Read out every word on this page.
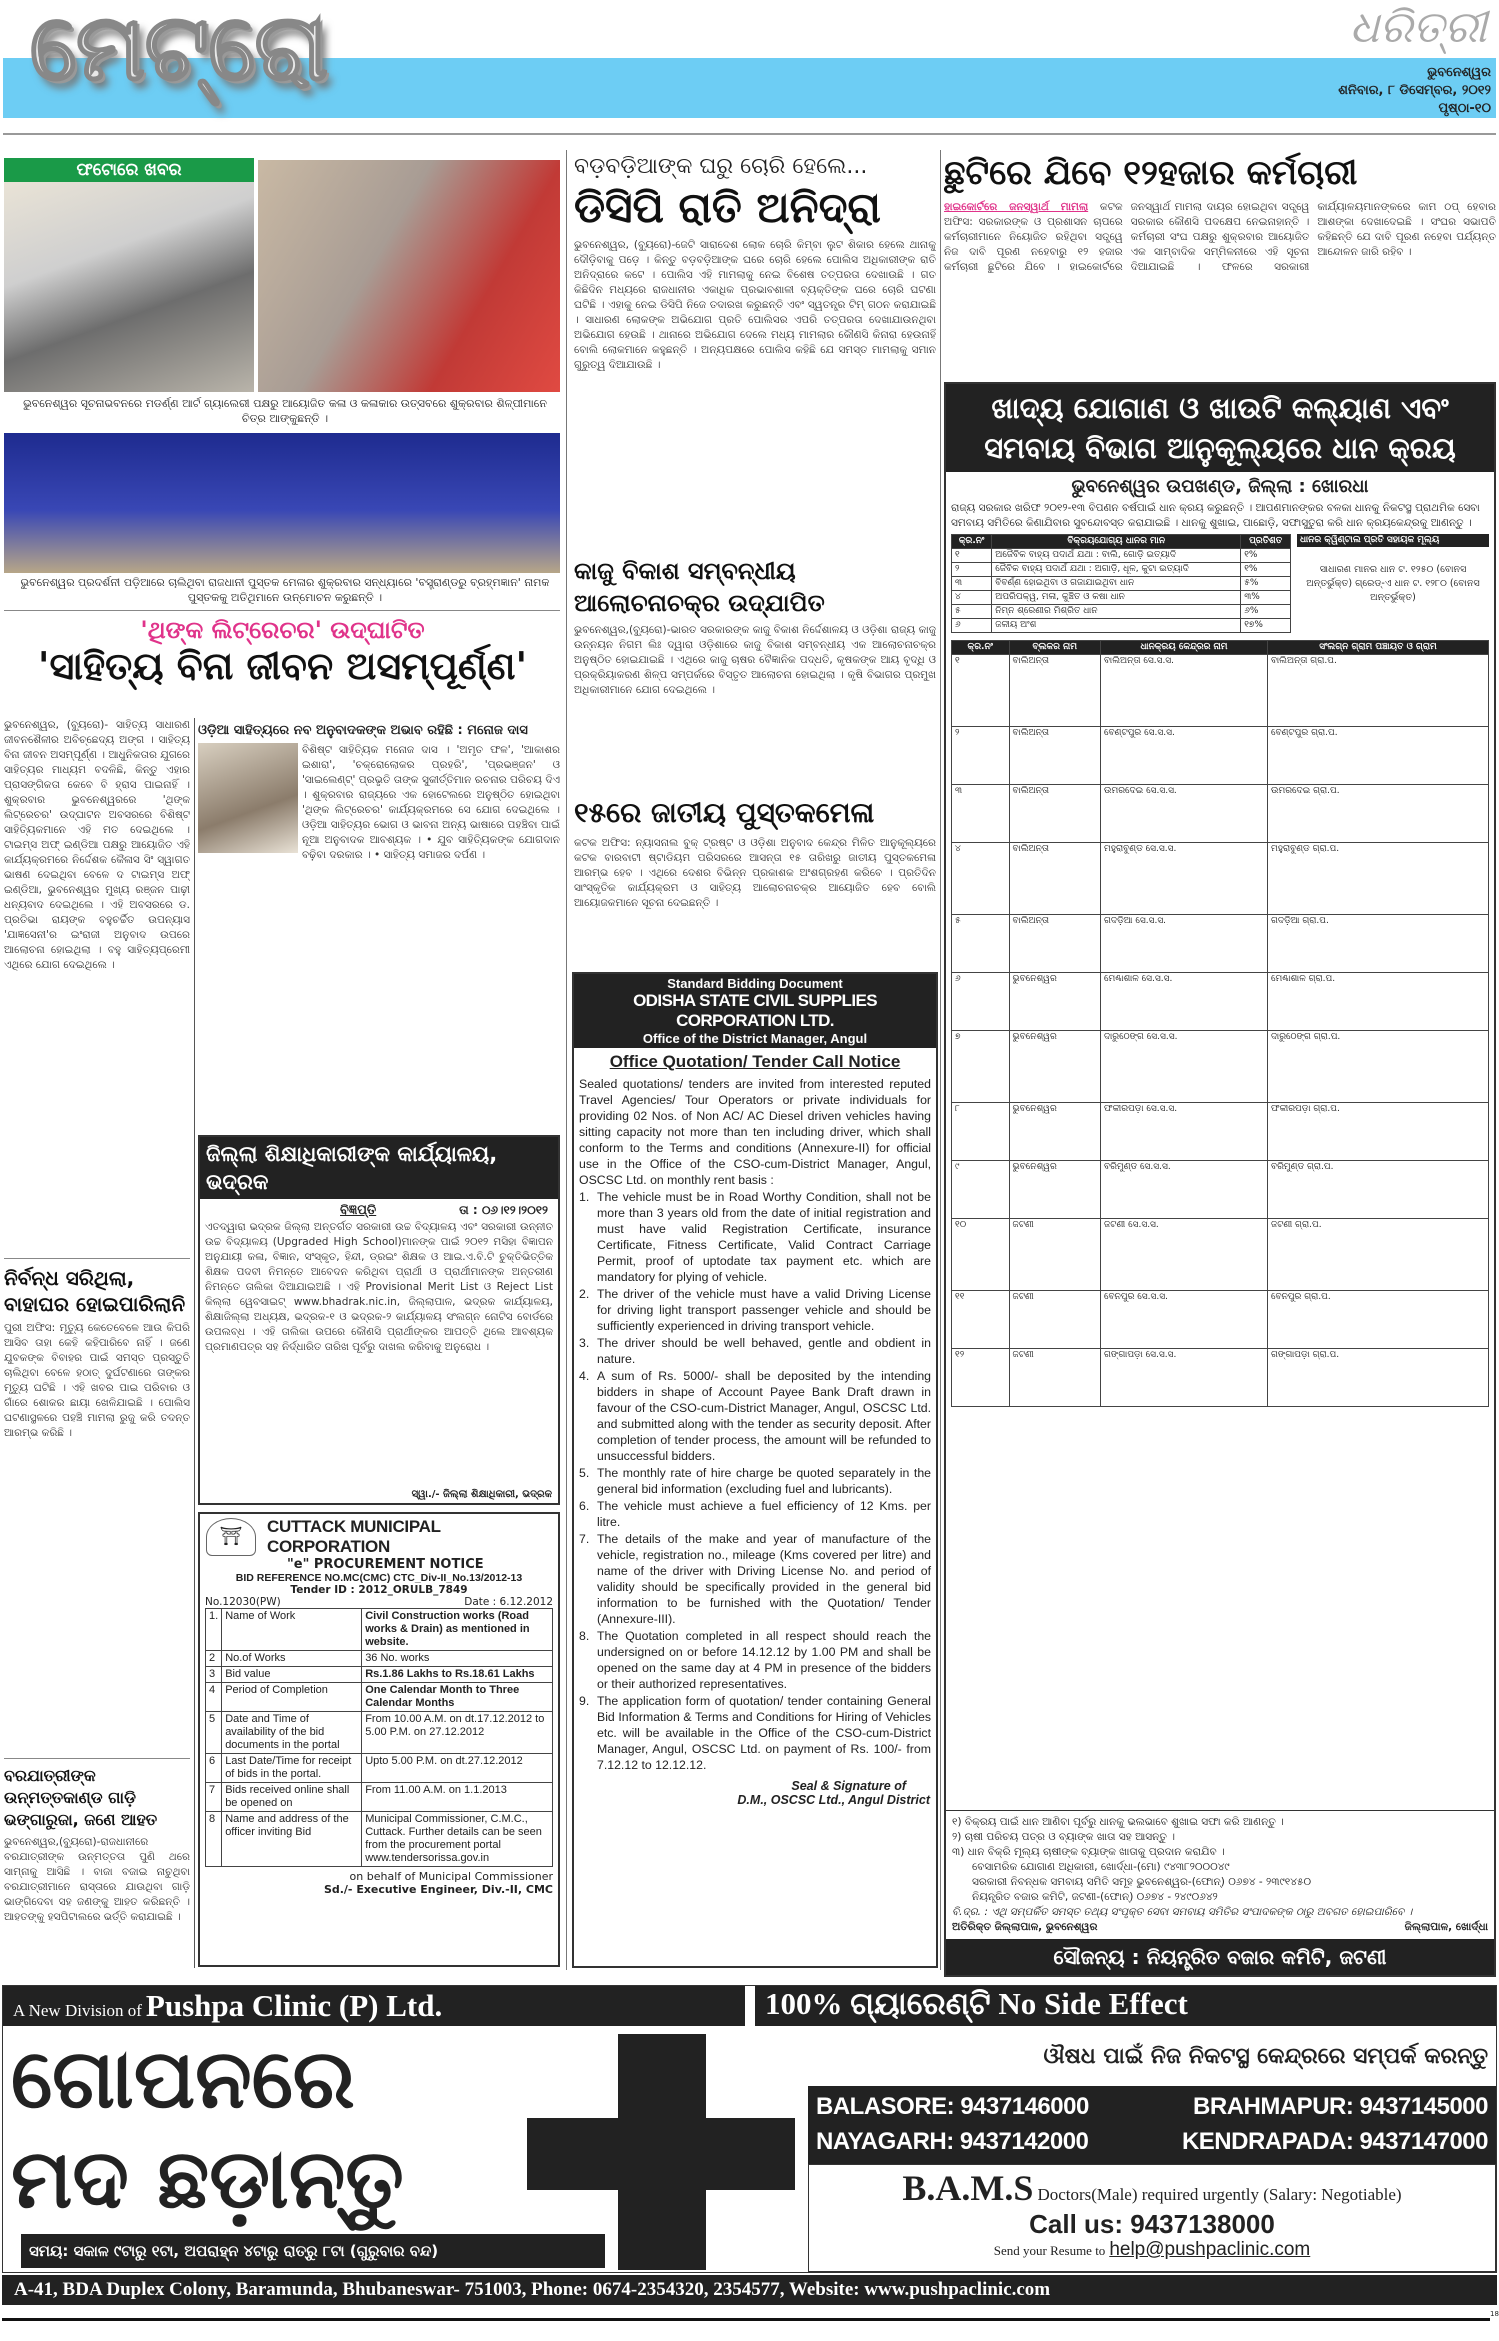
ମେଟ୍ରୋ	ଧରିତ୍ରୀ
ଭୁବନେଶ୍ୱର
ଶନିବାର, ୮ ଡିସେମ୍ବର, ୨୦୧୨
ପୃଷ୍ଠା-୧୦
ଫଟୋରେ ଖବର
ଭୁବନେଶ୍ୱର ସୂଚନାଭବନରେ ମଡର୍ଣ୍ଣ ଆର୍ଟ ଗ୍ୟାଲେରୀ ପକ୍ଷରୁ ଆୟୋଜିତ କଳା ଓ କଳାକାର ଉତ୍ସବରେ ଶୁକ୍ରବାର ଶିଳ୍ପୀମାନେ ଚିତ୍ର ଆଙ୍କୁଛନ୍ତି ।
ଭୁବନେଶ୍ୱର ପ୍ରଦର୍ଶନୀ ପଡ଼ିଆରେ ଚାଲିଥିବା ରାଜଧାନୀ ପୁସ୍ତକ ମେଳାର ଶୁକ୍ରବାର ସନ୍ଧ୍ୟାରେ 'ବସ୍ତ୍ରାଣ୍ଡରୁ ବ୍ରହ୍ମଜ୍ଞାନ' ନାମକ ପୁସ୍ତକକୁ ଅତିଥିମାନେ ଉନ୍ମୋଚନ କରୁଛନ୍ତି ।
'ଥିଙ୍କ ଲିଟ୍‌ରେଚର' ଉଦ୍‌ଘାଟିତ
'ସାହିତ୍ୟ ବିନା ଜୀବନ ଅସମ୍ପୂର୍ଣ୍ଣ'
ଭୁବନେଶ୍ୱର, (ବ୍ୟୁରୋ)- ସାହିତ୍ୟ ସାଧାରଣ ଜୀବନଶୈଳୀର ଅବିଚ୍ଛେଦ୍ୟ ଅଙ୍ଗ । ସାହିତ୍ୟ ବିନା ଜୀବନ ଅସମ୍ପୂର୍ଣ୍ଣ । ଆଧୁନିକତାର ଯୁଗରେ ସାହିତ୍ୟର ମାଧ୍ୟମ ବଦଳିଛି, କିନ୍ତୁ ଏହାର ପ୍ରାସଙ୍ଗିକତା କେବେ ବି ହ୍ରାସ ପାଇନାହିଁ । ଶୁକ୍ରବାର ଭୁବନେଶ୍ୱରରେ 'ଥିଙ୍କ ଲିଟ୍‌ରେଚର' ଉଦ୍‌ଘାଟନ ଅବସରରେ ବିଶିଷ୍ଟ ସାହିତ୍ୟିକମାନେ ଏହି ମତ ଦେଇଥିଲେ । ଟାଇମ୍ସ ଅଫ୍ ଇଣ୍ଡିଆ ପକ୍ଷରୁ ଆୟୋଜିତ ଏହି କାର୍ଯ୍ୟକ୍ରମରେ ନିର୍ଦ୍ଦେଶକ କୈଳାସ ସିଂ ସ୍ୱାଗତ ଭାଷଣ ଦେଇଥିବା ବେଳେ ଦ ଟାଇମ୍ସ ଅଫ୍ ଇଣ୍ଡିଆ, ଭୁବନେଶ୍ୱର ମୁଖ୍ୟ ରଞ୍ଜନ ପାଢ଼ୀ ଧନ୍ୟବାଦ ଦେଇଥିଲେ । ଏହି ଅବସରରେ ଡ. ପ୍ରତିଭା ରାୟଙ୍କ ବହୁଚର୍ଚ୍ଚିତ ଉପନ୍ୟାସ 'ଯାଜ୍ଞସେନୀ'ର ଇଂରାଜୀ ଅନୁବାଦ ଉପରେ ଆଲୋଚନା ହୋଇଥିଲା । ବହୁ ସାହିତ୍ୟପ୍ରେମୀ ଏଥିରେ ଯୋଗ ଦେଇଥିଲେ ।
ନିର୍ବନ୍ଧ ସରିଥିଲା, ବାହାଘର ହୋଇପାରିଲାନି
ପୁରୀ ଅଫିସ: ମୃତ୍ୟୁ କେତେବେଳେ ଆଉ କିପରି ଆସିବ ତାହା କେହି କହିପାରିବେ ନାହିଁ । ଜଣେ ଯୁବକଙ୍କ ବିବାହର ପାଇଁ ସମସ୍ତ ପ୍ରସ୍ତୁତି ଚାଲିଥିବା ବେଳେ ହଠାତ୍ ଦୁର୍ଘଟଣାରେ ତାଙ୍କର ମୃତ୍ୟୁ ଘଟିଛି । ଏହି ଖବର ପାଇ ପରିବାର ଓ ଗାଁରେ ଶୋକର ଛାୟା ଖେଳିଯାଇଛି । ପୋଲିସ ଘଟଣାସ୍ଥଳରେ ପହଞ୍ଚି ମାମଲା ରୁଜୁ କରି ତଦନ୍ତ ଆରମ୍ଭ କରିଛି ।
ବରଯାତ୍ରୀଙ୍କ ଉନ୍ମତ୍ତକାଣ୍ଡ ଗାଡ଼ି ଭଙ୍ଗାରୁଜା, ଜଣେ ଆହତ
ଭୁବନେଶ୍ୱର,(ବ୍ୟୁରୋ)-ରାଜଧାନୀରେ ବରଯାତ୍ରୀଙ୍କ ଉନ୍ମତ୍ତତା ପୁଣି ଥରେ ସାମ୍ନାକୁ ଆସିଛି । ବାଜା ବଜାଇ ନାଚୁଥିବା ବରଯାତ୍ରୀମାନେ ରାସ୍ତାରେ ଯାଉଥିବା ଗାଡ଼ି ଭାଙ୍ଗିଦେବା ସହ ଜଣଙ୍କୁ ଆହତ କରିଛନ୍ତି । ଆହତଙ୍କୁ ହସପିଟାଲରେ ଭର୍ତ୍ତି କରାଯାଇଛି ।
ଓଡ଼ିଆ ସାହିତ୍ୟରେ ନବ ଅନୁବାଦକଙ୍କ ଅଭାବ ରହିଛି : ମନୋଜ ଦାସ
ବିଶିଷ୍ଟ ସାହିତ୍ୟିକ ମନୋଜ ଦାସ । 'ଅମୃତ ଫଳ', 'ଆକାଶର ଇଶାରା', 'ଚକ୍ରୋଲୋକର ପ୍ରହରି', 'ପ୍ରଭଞ୍ଜନ' ଓ 'ସାଇଲେଣ୍ଟ୍' ପ୍ରଭୃତି ତାଙ୍କ ସୁକୀର୍ତ୍ତିମାନ ରଚନାର ପରିଚୟ ଦିଏ । ଶୁକ୍ରବାର ରାଜ୍ୟରେ ଏକ ହୋଟେଲରେ ଅନୁଷ୍ଠିତ ହୋଇଥିବା 'ଥିଙ୍କ ଲିଟ୍‌ରେଚର' କାର୍ଯ୍ୟକ୍ରମରେ ସେ ଯୋଗ ଦେଇଥିଲେ । ଓଡ଼ିଆ ସାହିତ୍ୟର ଭୋଗ ଓ ଭାବନା ଅନ୍ୟ ଭାଷାରେ ପହଞ୍ଚିବା ପାଇଁ ନୂଆ ଅନୁବାଦକ ଆବଶ୍ୟକ । • ଯୁବ ସାହିତ୍ୟିକଙ୍କ ଯୋଗଦାନ ବଢ଼ିବା ଦରକାର । • ସାହିତ୍ୟ ସମାଜର ଦର୍ପଣ ।
ଜିଲ୍ଲା ଶିକ୍ଷାଧିକାରୀଙ୍କ କାର୍ଯ୍ୟାଳୟ, ଭଦ୍ରକ
ବିଜ୍ଞପ୍ତି	ତା : ୦୬।୧୨।୨୦୧୨
ଏତଦ୍ୱାରା ଭଦ୍ରକ ଜିଲ୍ଲା ଅନ୍ତର୍ଗତ ସରକାରୀ ଉଚ୍ଚ ବିଦ୍ୟାଳୟ ଏବଂ ସରକାରୀ ଉନ୍ନୀତ ଉଚ୍ଚ ବିଦ୍ୟାଳୟ (Upgraded High School)ମାନଙ୍କ ପାଇଁ ୨୦୧୨ ମସିହା ବିଜ୍ଞାପନ ଅନୁଯାୟୀ କଳା, ବିଜ୍ଞାନ, ସଂସ୍କୃତ, ହିନ୍ଦୀ, ଡ୍ରଇଂ ଶିକ୍ଷକ ଓ ଆଇ.ଏ.ବି.ଟି ଚୁକ୍ତିଭିତ୍ତିକ ଶିକ୍ଷକ ପଦବୀ ନିମନ୍ତେ ଆବେଦନ କରିଥିବା ପ୍ରାର୍ଥୀ ଓ ପ୍ରାର୍ଥୀମାନଙ୍କ ଅନ୍ତରୀଣ ନିମନ୍ତେ ତାଲିକା ଦିଆଯାଇଅଛି । ଏହି Provisional Merit List ଓ Reject List କିଲ୍ଲା ୱେବସାଇଟ୍ www.bhadrak.nic.in, ଜିଲ୍ଲାପାଳ, ଭଦ୍ରକ କାର୍ଯ୍ୟାଳୟ, ଶିକ୍ଷାଜିଲ୍ଲା ଅଧ୍ୟକ୍ଷ, ଭଦ୍ରକ-୧ ଓ ଭଦ୍ରକ-୨ କାର୍ଯ୍ୟାଳୟ ସଂଲଗ୍ନ ନୋଟିସ ବୋର୍ଡରେ ଉପଲବ୍ଧ । ଏହି ତାଲିକା ଉପରେ କୌଣସି ପ୍ରାର୍ଥୀଙ୍କର ଆପତ୍ତି ଥିଲେ ଆବଶ୍ୟକ ପ୍ରମାଣପତ୍ର ସହ ନିର୍ଦ୍ଧାରିତ ତାରିଖ ପୂର୍ବରୁ ଦାଖଲ କରିବାକୁ ଅନୁରୋଧ ।
ସ୍ୱା./- ଜିଲ୍ଲା ଶିକ୍ଷାଧିକାରୀ, ଭଦ୍ରକ
⛩	CUTTACK MUNICIPAL CORPORATION
"e" PROCUREMENT NOTICE
BID REFERENCE NO.MC(CMC) CTC_Div-II_No.13/2012-13
Tender ID : 2012_ORULB_7849
No.12030(PW)	Date : 6.12.2012
1.	Name of Work	Civil Construction works (Road works & Drain) as mentioned in website.
2	No.of Works	36 No. works
3	Bid value	Rs.1.86 Lakhs to Rs.18.61 Lakhs
4	Period of Completion	One Calendar Month to Three Calendar Months
5	Date and Time of availability of the bid documents in the portal	From 10.00 A.M. on dt.17.12.2012 to 5.00 P.M. on 27.12.2012
6	Last Date/Time for receipt of bids in the portal.	Upto 5.00 P.M. on dt.27.12.2012
7	Bids received online shall be opened on	From 11.00 A.M. on 1.1.2013
8	Name and address of the officer inviting Bid	Municipal Commissioner, C.M.C., Cuttack. Further details can be seen from the procurement portal www.tendersorissa.gov.in
on behalf of Municipal Commissioner
Sd./- Executive Engineer, Div.-II, CMC
ବଡ଼ବଡ଼ିଆଙ୍କ ଘରୁ ଚୋରି ହେଲେ...
ଡିସିପି ରାତି ଅନିଦ୍ରା
ଭୁବନେଶ୍ୱର, (ବ୍ୟୁରୋ)-ଜେଟି ସାରାଦେଶ ଲୋକ ଚୋରି କିମ୍ବା ଲୁଟ ଶିକାର ହେଲେ ଥାନାକୁ ଦୌଡ଼ିବାକୁ ପଡ଼େ । କିନ୍ତୁ ବଡ଼ବଡ଼ିଆଙ୍କ ଘରେ ଚୋରି ହେଲେ ପୋଲିସ ଅଧିକାରୀଙ୍କ ରାତି ଅନିଦ୍ରାରେ କଟେ । ପୋଲିସ ଏହି ମାମଲାକୁ ନେଇ ବିଶେଷ ତତ୍ପରତା ଦେଖାଉଛି । ଗତ କିଛିଦିନ ମଧ୍ୟରେ ରାଜଧାନୀର ଏକାଧିକ ପ୍ରଭାବଶାଳୀ ବ୍ୟକ୍ତିଙ୍କ ଘରେ ଚୋରି ଘଟଣା ଘଟିଛି । ଏହାକୁ ନେଇ ଡିସିପି ନିଜେ ତଦାରଖ କରୁଛନ୍ତି ଏବଂ ସ୍ୱତନ୍ତ୍ର ଟିମ୍ ଗଠନ କରାଯାଇଛି । ସାଧାରଣ ଲୋକଙ୍କ ଅଭିଯୋଗ ପ୍ରତି ପୋଲିସର ଏପରି ତତ୍ପରତା ଦେଖାଯାଉନଥିବା ଅଭିଯୋଗ ହେଉଛି । ଥାନାରେ ଅଭିଯୋଗ ଦେଲେ ମଧ୍ୟ ମାମଲାର କୌଣସି କିନାରା ହେଉନାହିଁ ବୋଲି ଲୋକମାନେ କହୁଛନ୍ତି । ଅନ୍ୟପକ୍ଷରେ ପୋଲିସ କହିଛି ଯେ ସମସ୍ତ ମାମଲାକୁ ସମାନ ଗୁରୁତ୍ୱ ଦିଆଯାଉଛି ।
କାଜୁ ବିକାଶ ସମ୍ବନ୍ଧୀୟ ଆଲୋଚନାଚକ୍ର ଉଦ୍‌ଯାପିତ
ଭୁବନେଶ୍ୱର,(ବ୍ୟୁରୋ)-ଭାରତ ସରକାରଙ୍କ କାଜୁ ବିକାଶ ନିର୍ଦ୍ଦେଶାଳୟ ଓ ଓଡ଼ିଶା ରାଜ୍ୟ କାଜୁ ଉନ୍ନୟନ ନିଗମ ଲିଃ ଦ୍ୱାରା ଓଡ଼ିଶାରେ କାଜୁ ବିକାଶ ସମ୍ବନ୍ଧୀୟ ଏକ ଆଲୋଚନାଚକ୍ର ଅନୁଷ୍ଠିତ ହୋଇଯାଇଛି । ଏଥିରେ କାଜୁ ଚାଷର ବୈଜ୍ଞାନିକ ପଦ୍ଧତି, କୃଷକଙ୍କ ଆୟ ବୃଦ୍ଧି ଓ ପ୍ରକ୍ରିୟାକରଣ ଶିଳ୍ପ ସମ୍ପର୍କରେ ବିସ୍ତୃତ ଆଲୋଚନା ହୋଇଥିଲା । କୃଷି ବିଭାଗର ପ୍ରମୁଖ ଅଧିକାରୀମାନେ ଯୋଗ ଦେଇଥିଲେ ।
୧୫ରେ ଜାତୀୟ ପୁସ୍ତକମେଳା
କଟକ ଅଫିସ: ନ୍ୟାସନାଲ ବୁକ୍ ଟ୍ରଷ୍ଟ ଓ ଓଡ଼ିଶା ଅନୁବାଦ କେନ୍ଦ୍ର ମିଳିତ ଆନୁକୂଲ୍ୟରେ କଟକ ବାରବାଟୀ ଷ୍ଟାଡିୟମ ପରିସରରେ ଆସନ୍ତା ୧୫ ତାରିଖରୁ ଜାତୀୟ ପୁସ୍ତକମେଳା ଆରମ୍ଭ ହେବ । ଏଥିରେ ଦେଶର ବିଭିନ୍ନ ପ୍ରକାଶକ ଅଂଶଗ୍ରହଣ କରିବେ । ପ୍ରତିଦିନ ସାଂସ୍କୃତିକ କାର୍ଯ୍ୟକ୍ରମ ଓ ସାହିତ୍ୟ ଆଲୋଚନାଚକ୍ର ଆୟୋଜିତ ହେବ ବୋଲି ଆୟୋଜକମାନେ ସୂଚନା ଦେଇଛନ୍ତି ।
Standard Bidding Document
ODISHA STATE CIVIL SUPPLIES CORPORATION LTD.
Office of the District Manager, Angul
Office Quotation/ Tender Call Notice
Sealed quotations/ tenders are invited from interested reputed Travel Agencies/ Tour Operators or private individuals for providing 02 Nos. of Non AC/ AC Diesel driven vehicles having sitting capacity not more than ten including driver, which shall conform to the Terms and conditions (Annexure-II) for official use in the Office of the CSO-cum-District Manager, Angul, OSCSC Ltd. on monthly rent basis :
1. The vehicle must be in Road Worthy Condition, shall not be more than 3 years old from the date of initial registration and must have valid Registration Certificate, insurance Certificate, Fitness Certificate, Valid Contract Carriage Permit, proof of uptodate tax payment etc. which are mandatory for plying of vehicle.
2. The driver of the vehicle must have a valid Driving License for driving light transport passenger vehicle and should be sufficiently experienced in driving transport vehicle.
3. The driver should be well behaved, gentle and obdient in nature.
4. A sum of Rs. 5000/- shall be deposited by the intending bidders in shape of Account Payee Bank Draft drawn in favour of the CSO-cum-District Manager, Angul, OSCSC Ltd. and submitted along with the tender as security deposit. After completion of tender process, the amount will be refunded to unsuccessful bidders.
5. The monthly rate of hire charge be quoted separately in the general bid information (excluding fuel and lubricants).
6. The vehicle must achieve a fuel efficiency of 12 Kms. per litre.
7. The details of the make and year of manufacture of the vehicle, registration no., mileage (Kms covered per litre) and name of the driver with Driving License No. and period of validity should be specifically provided in the general bid information to be furnished with the Quotation/ Tender (Annexure-III).
8. The Quotation completed in all respect should reach the undersigned on or before 14.12.12 by 1.00 PM and shall be opened on the same day at 4 PM in presence of the bidders or their authorized representatives.
9. The application form of quotation/ tender containing General Bid Information & Terms and Conditions for Hiring of Vehicles etc. will be available in the Office of the CSO-cum-District Manager, Angul, OSCSC Ltd. on payment of Rs. 100/- from 7.12.12 to 12.12.12.
Seal & Signature of
D.M., OSCSC Ltd., Angul District
ଛୁଟିରେ ଯିବେ ୧୨ହଜାର କର୍ମଚାରୀ
ହାଇକୋର୍ଟରେ ଜନସ୍ୱାର୍ଥ ମାମଲା କଟକ ଅଫିସ: ସରକାରଙ୍କ ଓ ପ୍ରଶାସନ ଚାପରେ କର୍ମଚାରୀମାନେ ନିୟୋଜିତ ରହିଥିବା ସତ୍ତ୍ୱେ ନିଜ ଦାବି ପୂରଣ ନହେବାରୁ ୧୨ ହଜାର କର୍ମଚାରୀ ଛୁଟିରେ ଯିବେ । ହାଇକୋର୍ଟରେ ଜନସ୍ୱାର୍ଥ ମାମଲା ଦାୟର ହୋଇଥିବା ସତ୍ତ୍ୱେ ସରକାର କୌଣସି ପଦକ୍ଷେପ ନେଇନାହାନ୍ତି । କର୍ମଚାରୀ ସଂଘ ପକ୍ଷରୁ ଶୁକ୍ରବାର ଆୟୋଜିତ ଏକ ସାମ୍ବାଦିକ ସମ୍ମିଳନୀରେ ଏହି ସୂଚନା ଦିଆଯାଇଛି । ଫଳରେ ସରକାରୀ କାର୍ଯ୍ୟାଳୟମାନଙ୍କରେ କାମ ଠପ୍ ହେବାର ଆଶଙ୍କା ଦେଖାଦେଇଛି । ସଂଘର ସଭାପତି କହିଛନ୍ତି ଯେ ଦାବି ପୂରଣ ନହେବା ପର୍ଯ୍ୟନ୍ତ ଆନ୍ଦୋଳନ ଜାରି ରହିବ ।
ଖାଦ୍ୟ ଯୋଗାଣ ଓ ଖାଉଟି କଲ୍ୟାଣ ଏବଂ ସମବାୟ ବିଭାଗ ଆନୁକୂଲ୍ୟରେ ଧାନ କ୍ରୟ
ଭୁବନେଶ୍ୱର ଉପଖଣ୍ଡ, ଜିଲ୍ଲା : ଖୋରଧା
ରାଜ୍ୟ ସରକାର ଖରିଫ ୨୦୧୨-୧୩ ବିପଣନ ବର୍ଷପାଇଁ ଧାନ କ୍ରୟ କରୁଛନ୍ତି । ଆପଣମାନଙ୍କର ବଳକା ଧାନକୁ ନିକଟସ୍ଥ ପ୍ରାଥମିକ ସେବା ସମବାୟ ସମିତିରେ କିଣାଯିବାର ସୁବନ୍ଦୋବସ୍ତ କରାଯାଇଛି । ଧାନକୁ ଶୁଖାଇ, ପାଛୋଡ଼ି, ସଫାସୁତୁରା କରି ଧାନ କ୍ରୟକେନ୍ଦ୍ରକୁ ଆଣନ୍ତୁ ।
କ୍ର.ନଂ	ବିକ୍ରୟଯୋଗ୍ୟ ଧାନର ମାନ	ପ୍ରତିଶତ
୧	ଅଜୈବିକ ବାହ୍ୟ ପଦାର୍ଥ ଯଥା : ବାଲି, ଗୋଡ଼ି ଇତ୍ୟାଦି	୧%
୨	ଜୈବିକ ବାହ୍ୟ ପଦାର୍ଥ ଯଥା : ଅଗାଡ଼ି, ଧୂଳ, କୁଟା ଇତ୍ୟାଦି	୧%
୩	ବିବର୍ଣ୍ଣ ହୋଇଥିବା ଓ ଗଜାଯାଇଥିବା ଧାନ	୫%
୪	ଅପରିପକ୍ୱ, ମଳା, କୁଞ୍ଚିତ ଓ କଷା ଧାନ	୩%
୫	ନିମ୍ନ ଶ୍ରେଣୀର ମିଶ୍ରିତ ଧାନ	୬%
୬	ଜଳୀୟ ଅଂଶ	୧୭%
ଧାନର କ୍ୱିଣ୍ଟାଲ ପ୍ରତି ସହାୟକ ମୂଲ୍ୟ
ସାଧାରଣ ମାନର ଧାନ ଟ. ୧୨୫୦ (ବୋନସ ଅନ୍ତର୍ଭୁକ୍ତ) ଗ୍ରେଡ୍-ଏ ଧାନ ଟ. ୧୨୮୦ (ବୋନସ ଅନ୍ତର୍ଭୁକ୍ତ)
କ୍ର.ନଂ	ବ୍ଲକର ନାମ	ଧାନକ୍ରୟ କେନ୍ଦ୍ରର ନାମ	ସଂଲଗ୍ନ ଗ୍ରାମ ପଞ୍ଚାୟତ ଓ ଗ୍ରାମ
୧	ବାଲିଅନ୍ତା	ବାଲିଅନ୍ତା ସେ.ସ.ସ.	ବାଲିଅନ୍ତା ଗ୍ରା.ପ.
୨	ବାଲିଅନ୍ତା	ବେଣ୍ଟପୁର ସେ.ସ.ସ.	ବେଣ୍ଟପୁର ଗ୍ରା.ପ.
୩	ବାଲିଅନ୍ତା	ଉମରଦେଇ ସେ.ସ.ସ.	ଉମରଦେଇ ଗ୍ରା.ପ.
୪	ବାଲିଅନ୍ତା	ମହୁରାବୁଣ୍ଡ ସେ.ସ.ସ.	ମହୁରାବୁଣ୍ଡ ଗ୍ରା.ପ.
୫	ବାଲିଅନ୍ତା	ଗଦଡ଼ିଆ ସେ.ସ.ସ.	ଗଦଡ଼ିଆ ଗ୍ରା.ପ.
୬	ଭୁବନେଶ୍ୱର	ମେଣ୍ଢାଶାଳ ସେ.ସ.ସ.	ମେଣ୍ଢାଶାଳ ଗ୍ରା.ପ.
୭	ଭୁବନେଶ୍ୱର	ଦାରୁଠେଙ୍ଗ ସେ.ସ.ସ.	ଦାରୁଠେଙ୍ଗ ଗ୍ରା.ପ.
୮	ଭୁବନେଶ୍ୱର	ଫକୀରପଡ଼ା ସେ.ସ.ସ.	ଫକୀରପଡ଼ା ଗ୍ରା.ପ.
୯	ଭୁବନେଶ୍ୱର	ବରିମୁଣ୍ଡ ସେ.ସ.ସ.	ବରିମୁଣ୍ଡ ଗ୍ରା.ପ.
୧୦	ଜଟଣୀ	ଜଟଣୀ ସେ.ସ.ସ.	ଜଟଣୀ ଗ୍ରା.ପ.
୧୧	ଜଟଣୀ	ବେନପୁର ସେ.ସ.ସ.	ବେନପୁର ଗ୍ରା.ପ.
୧୨	ଜଟଣୀ	ଗଙ୍ଗାପଡ଼ା ସେ.ସ.ସ.	ଗଙ୍ଗାପଡ଼ା ଗ୍ରା.ପ.
୧) ବିକ୍ରୟ ପାଇଁ ଧାନ ଆଣିବା ପୂର୍ବରୁ ଧାନକୁ ଭଲଭାବେ ଶୁଖାଇ ସଫା କରି ଆଣନ୍ତୁ ।
୨) ଚାଷୀ ପରିଚୟ ପତ୍ର ଓ ବ୍ୟାଙ୍କ ଖାତା ସହ ଆସନ୍ତୁ ।
୩) ଧାନ ବିକ୍ରି ମୂଲ୍ୟ ଚାଷୀଙ୍କ ବ୍ୟାଙ୍କ ଖାତାକୁ ପ୍ରଦାନ କରାଯିବ ।
ବେସାମରିକ ଯୋଗାଣ ଅଧିକାରୀ, ଖୋର୍ଦ୍ଧା-(ମୋ) ୯୪୩୮୨୦୦୦୪୯
ସରକାରୀ ନିବନ୍ଧକ ସମବାୟ ସମିତି ସମୂହ ଭୁବନେଶ୍ୱର-(ଫୋନ୍) ୦୬୭୪ - ୨୩୯୧୪୫୦
ନିୟନ୍ତ୍ରିତ ବଜାର କମିଟି, ଜଟଣୀ-(ଫୋନ୍) ୦୬୭୪ - ୨୪୯୦୬୪୨
ବି.ଦ୍ର. : ଏଥି ସମ୍ପର୍କିତ ସମସ୍ତ ତଥ୍ୟ ସଂପୃକ୍ତ ସେବା ସମବାୟ ସମିତିର ସଂପାଦକଙ୍କ ଠାରୁ ଅବଗତ ହୋଇପାରିବେ ।
ଅତିରିକ୍ତ ଜିଲ୍ଲାପାଳ, ଭୁବନେଶ୍ୱର	ଜିଲ୍ଲାପାଳ, ଖୋର୍ଦ୍ଧା
ସୌଜନ୍ୟ : ନିୟନ୍ତ୍ରିତ ବଜାର କମିଟି, ଜଟଣୀ
A New Division of Pushpa Clinic (P) Ltd.	100% ଗ୍ୟାରେଣ୍ଟି No Side Effect
ଗୋପନରେ
ମଦ ଛଡ଼ାନ୍ତୁ
ସମୟ: ସକାଳ ୯ଟାରୁ ୧ଟା, ଅପରାହ୍ନ ୪ଟାରୁ ରାତ୍ରୁ ୮ଟା (ଗୁରୁବାର ବନ୍ଦ)
ଔଷଧ ପାଇଁ ନିଜ ନିକଟସ୍ଥ କେନ୍ଦ୍ରରେ ସମ୍ପର୍କ କରନ୍ତୁ
BALASORE: 9437146000	BRAHMAPUR: 9437145000
NAYAGARH: 9437142000	KENDRAPADA: 9437147000
B.A.M.S Doctors(Male) required urgently (Salary: Negotiable)
Call us: 9437138000
Send your Resume to help@pushpaclinic.com
A-41, BDA Duplex Colony, Baramunda, Bhubaneswar- 751003, Phone: 0674-2354320, 2354577, Website: www.pushpaclinic.com
18
